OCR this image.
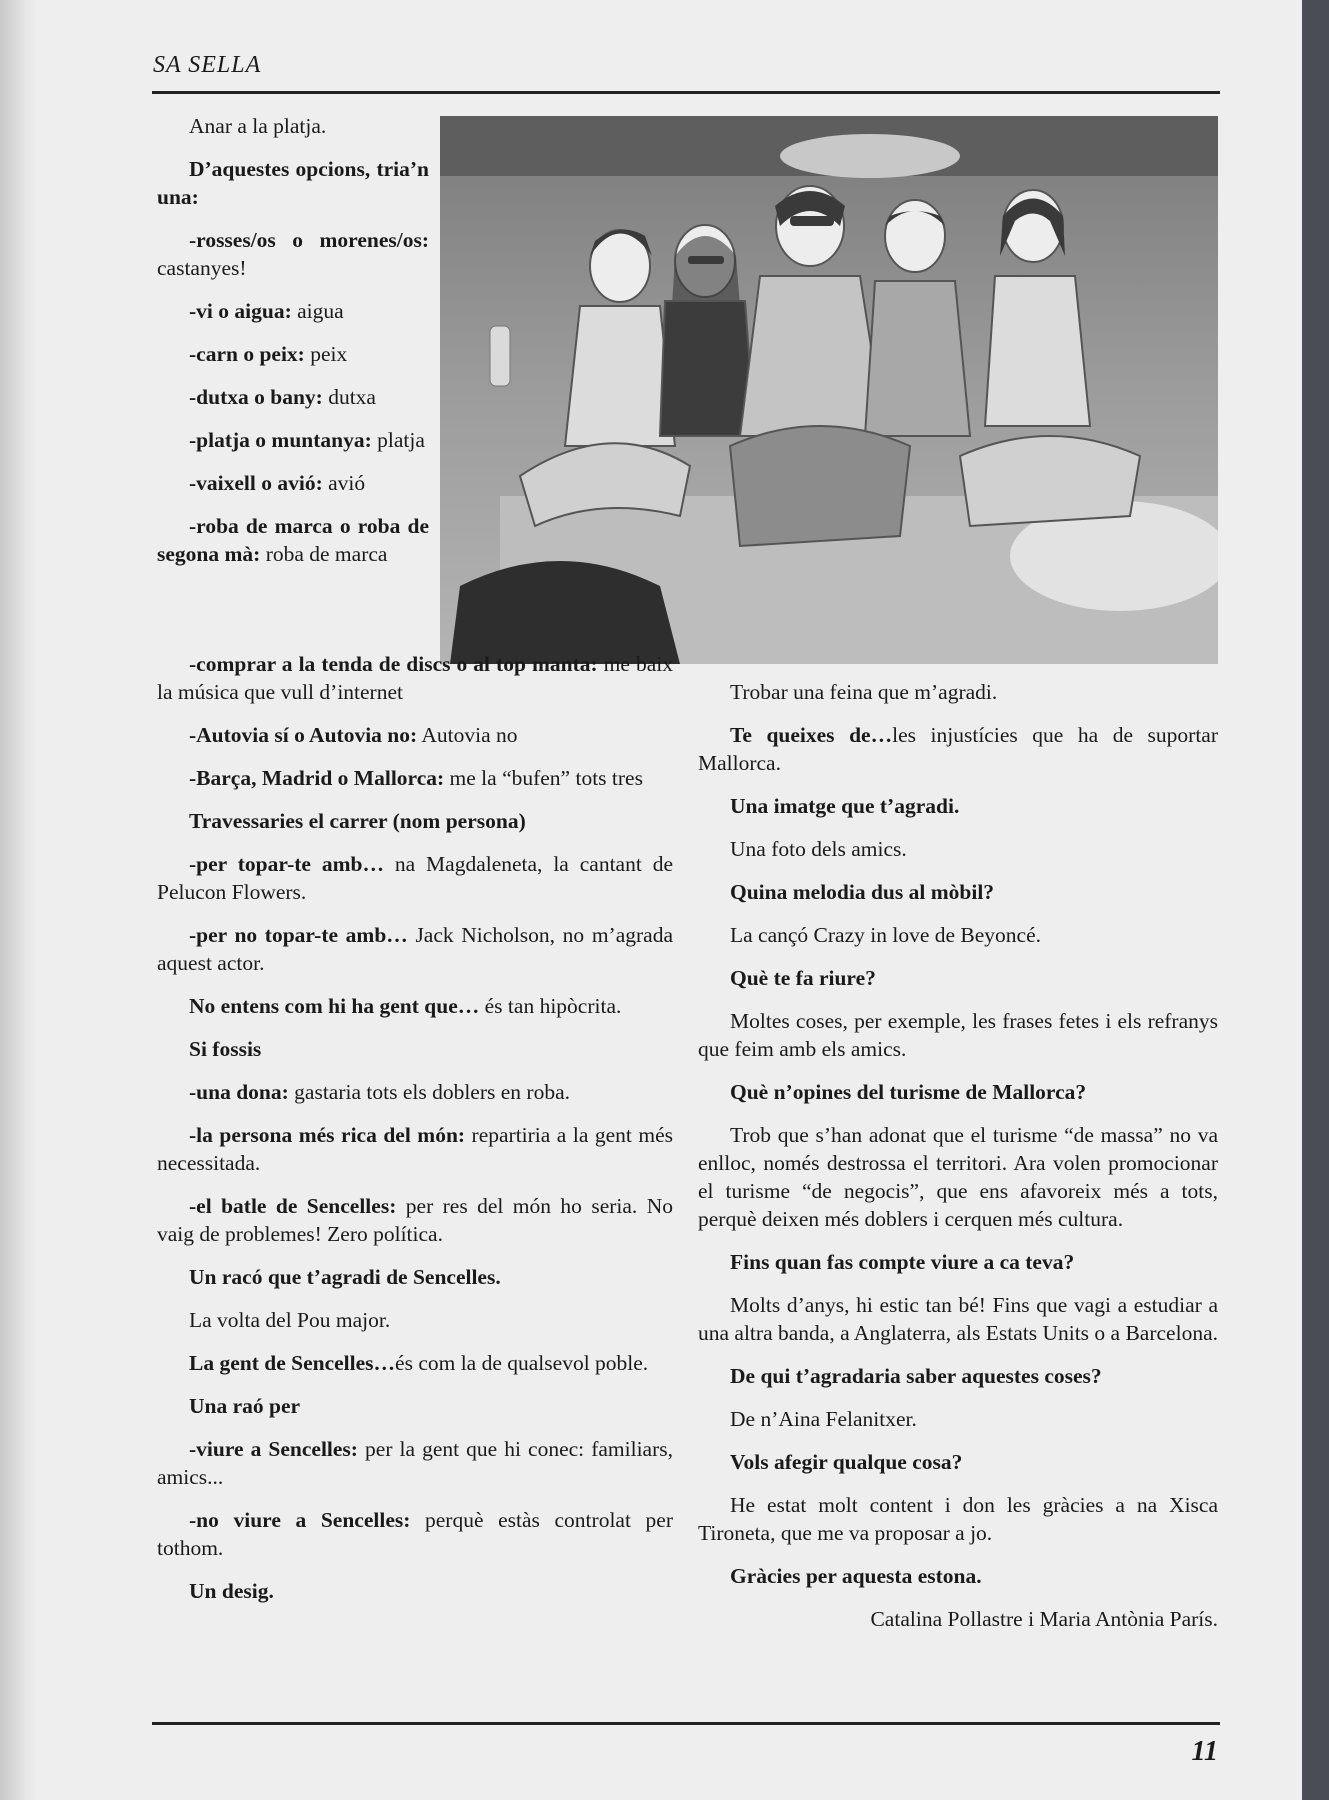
SA SELLA

Anar a la platja.

D’aquestes opcions, tria’n una:

-rosses/os o morenes/os: castanyes!

-vi o aigua: aigua

-carn o peix: peix

-dutxa o bany: dutxa

-platja o muntanya: platja

-vaixell o avió: avió

-roba de marca o roba de segona mà: roba de marca

-comprar a la tenda de discs o al top manta: me baix la música que vull d’internet

-Autovia sí o Autovia no: Autovia no

-Barça, Madrid o Mallorca: me la “bufen” tots tres

Travessaries el carrer (nom persona)

-per topar-te amb… na Magdaleneta, la cantant de Pelucon Flowers.

-per no topar-te amb… Jack Nicholson, no m’agrada aquest actor.

No entens com hi ha gent que… és tan hipòcrita.

Si fossis

-una dona: gastaria tots els doblers en roba.

-la persona més rica del món: repartiria a la gent més necessitada.

-el batle de Sencelles: per res del món ho seria. No vaig de problemes! Zero política.

Un racó que t’agradi de Sencelles.

La volta del Pou major.

La gent de Sencelles…és com la de qualsevol poble.

Una raó per

-viure a Sencelles: per la gent que hi conec: familiars, amics...

-no viure a Sencelles: perquè estàs controlat per tothom.

Un desig.

Trobar una feina que m’agradi.

Te queixes de…les injustícies que ha de suportar Mallorca.

Una imatge que t’agradi.

Una foto dels amics.

Quina melodia dus al mòbil?

La cançó Crazy in love de Beyoncé.

Què te fa riure?

Moltes coses, per exemple, les frases fetes i els refranys que feim amb els amics.

Què n’opines del turisme de Mallorca?

Trob que s’han adonat que el turisme “de massa” no va enlloc, només destrossa el territori. Ara volen promocionar el turisme “de negocis”, que ens afavoreix més a tots, perquè deixen més doblers i cerquen més cultura.

Fins quan fas compte viure a ca teva?

Molts d’anys, hi estic tan bé! Fins que vagi a estudiar a una altra banda, a Anglaterra, als Estats Units o a Barcelona.

De qui t’agradaria saber aquestes coses?

De n’Aina Felanitxer.

Vols afegir qualque cosa?

He estat molt content i don les gràcies a na Xisca Tironeta, que me va proposar a jo.

Gràcies per aquesta estona.

Catalina Pollastre i Maria Antònia París.

11
